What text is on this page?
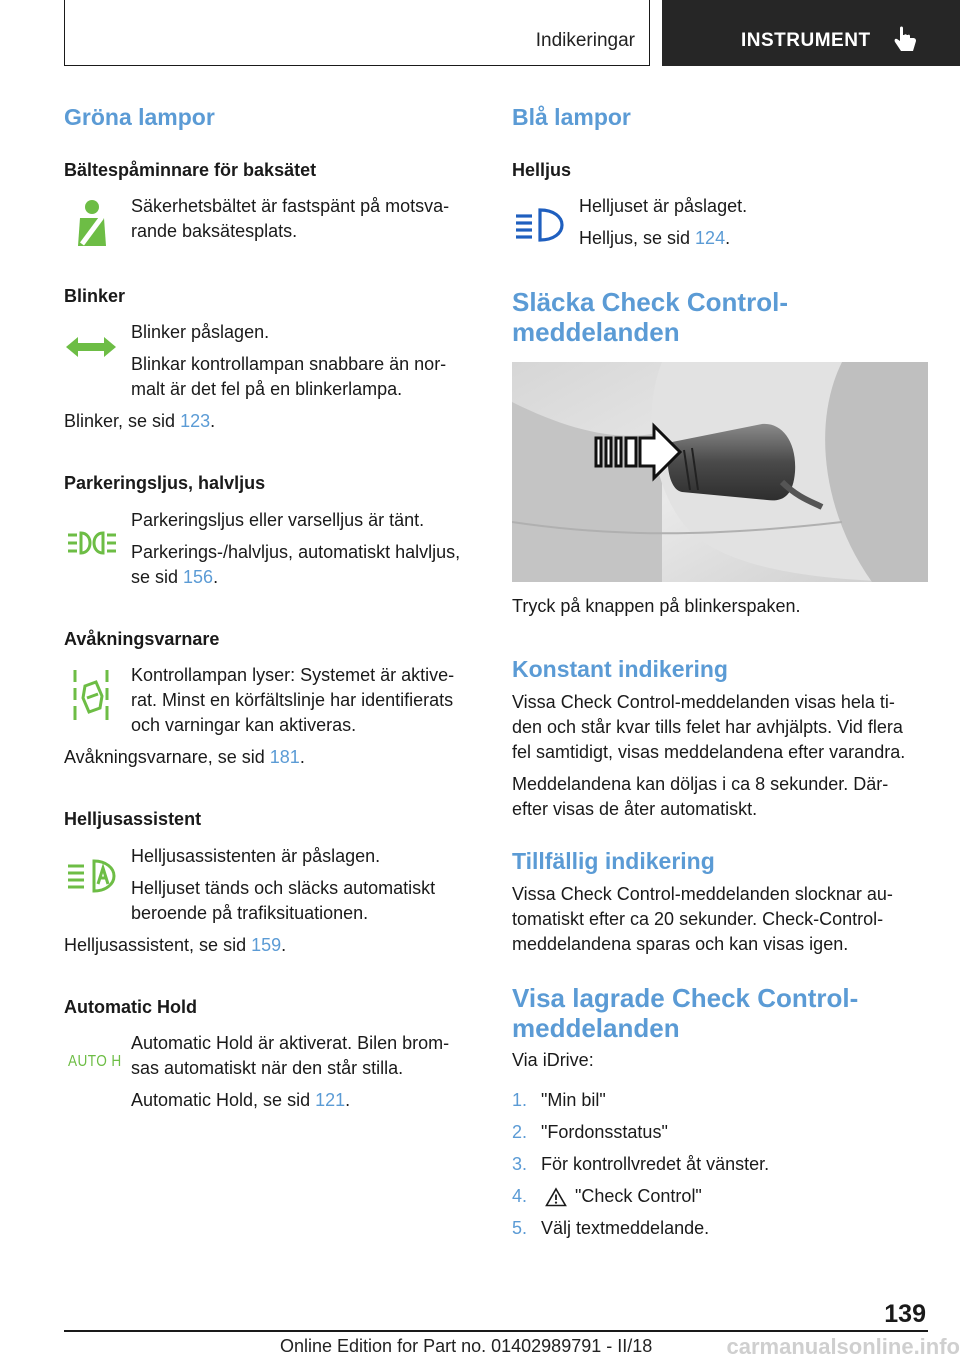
Indikeringar	INSTRUMENT
Gröna lampor
Bältespåminnare för baksätet
Säkerhetsbältet är fastspänt på motsva-
rande baksätesplats.
Blinker
Blinker påslagen.
Blinkar kontrollampan snabbare än nor-
malt är det fel på en blinkerlampa.
Blinker, se sid 123.
Parkeringsljus, halvljus
Parkeringsljus eller varselljus är tänt.
Parkerings-/halvljus, automatiskt halvljus,
se sid 156.
Avåkningsvarnare
Kontrollampan lyser: Systemet är aktive-
rat. Minst en körfältslinje har identifierats
och varningar kan aktiveras.
Avåkningsvarnare, se sid 181.
Helljusassistent
Helljusassistenten är påslagen.
Helljuset tänds och släcks automatiskt
beroende på trafiksituationen.
Helljusassistent, se sid 159.
Automatic Hold
AUTO H
Automatic Hold är aktiverat. Bilen brom-
sas automatiskt när den står stilla.
Automatic Hold, se sid 121.
Blå lampor
Helljus
Helljuset är påslaget.
Helljus, se sid 124.
Släcka Check Control-
meddelanden
Tryck på knappen på blinkerspaken.
Konstant indikering
Vissa Check Control-meddelanden visas hela ti-
den och står kvar tills felet har avhjälpts. Vid flera
fel samtidigt, visas meddelandena efter varandra.
Meddelandena kan döljas i ca 8 sekunder. Där-
efter visas de åter automatiskt.
Tillfällig indikering
Vissa Check Control-meddelanden slocknar au-
tomatiskt efter ca 20 sekunder. Check-Control-
meddelandena sparas och kan visas igen.
Visa lagrade Check Control-
meddelanden
Via iDrive:
1. "Min bil"
2. "Fordonsstatus"
3. För kontrollvredet åt vänster.
4.	"Check Control"
5. Välj textmeddelande.
139
Online Edition for Part no. 01402989791 - II/18	carmanualsonline.info
